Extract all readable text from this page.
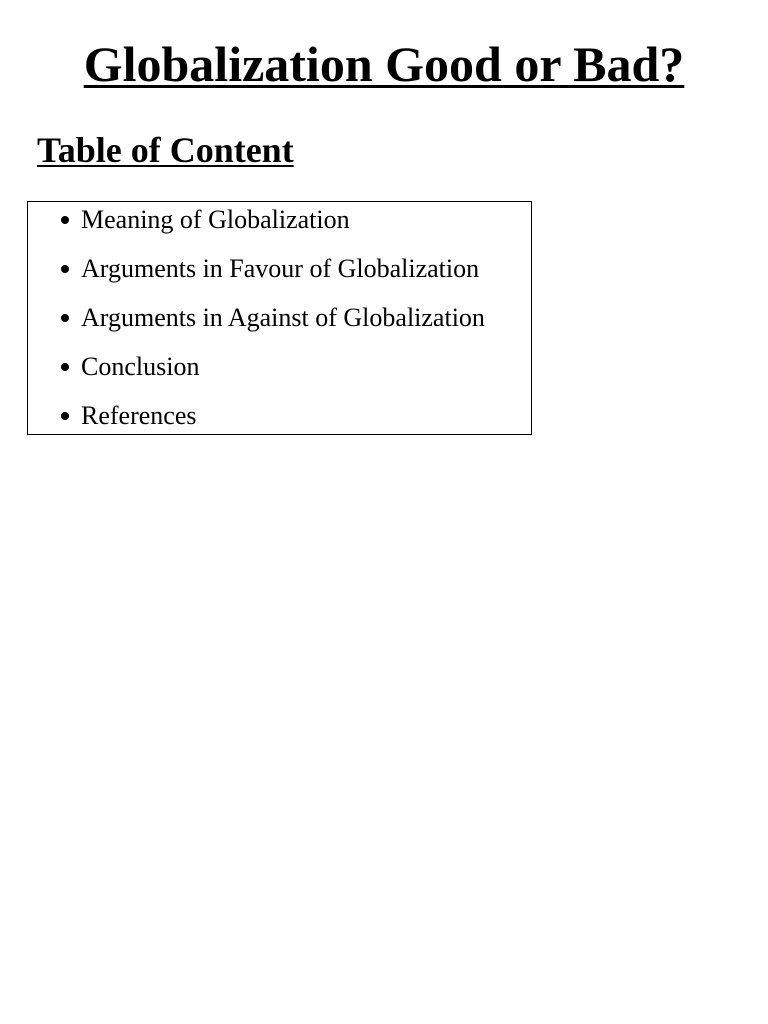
Globalization Good or Bad?
Table of Content
Meaning of Globalization
Arguments in Favour of Globalization
Arguments in Against of Globalization
Conclusion
References
